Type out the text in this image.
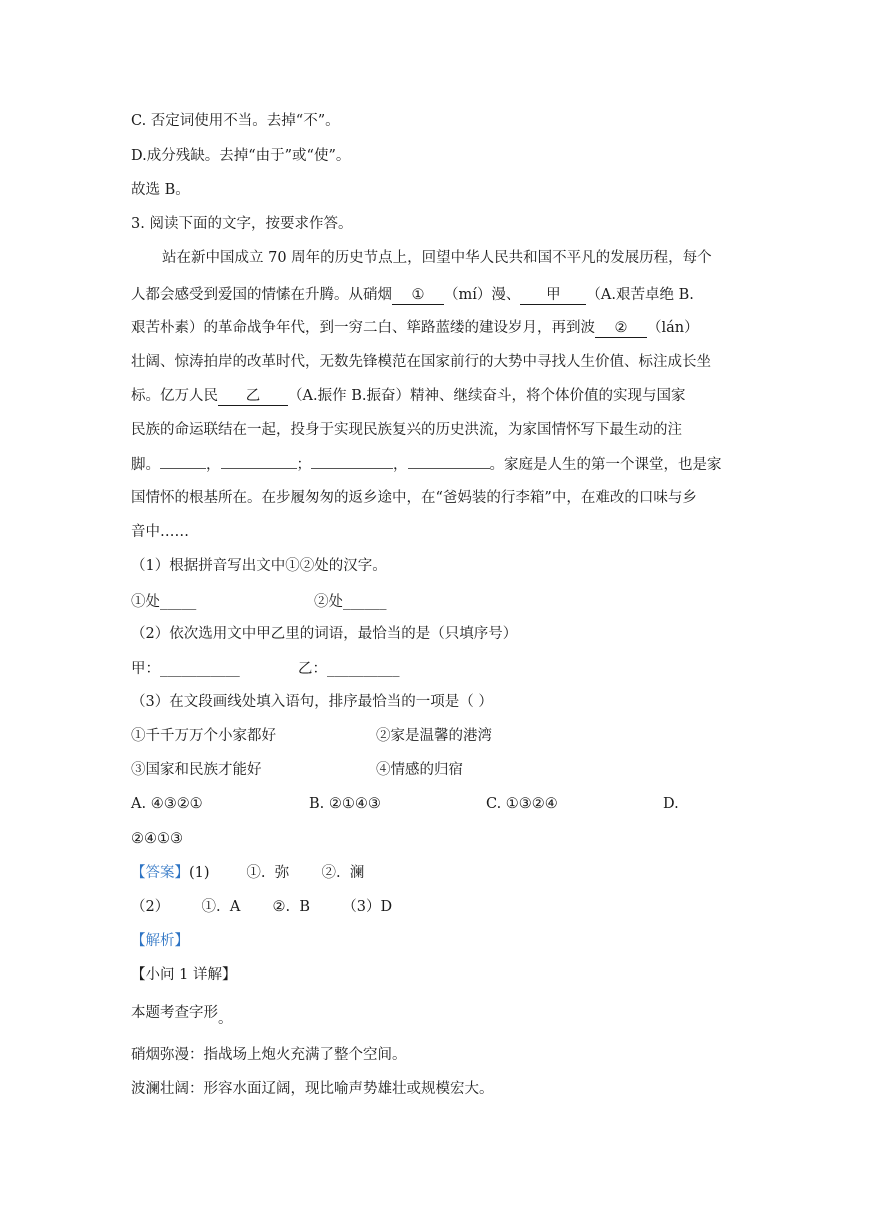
C. 否定词使用不当。去掉“不”。
D.成分残缺。去掉“由于”或“使”。
故选 B。
3. 阅读下面的文字，按要求作答。
站在新中国成立 70 周年的历史节点上，回望中华人民共和国不平凡的发展历程，每个
人都会感受到爱国的情愫在升腾。从硝烟 ① （mí）漫、 甲 （A.艰苦卓绝 B.
艰苦朴素）的革命战争年代，到一穷二白、筚路蓝缕的建设岁月，再到波 ② （lán）
壮阔、惊涛拍岸的改革时代，无数先锋模范在国家前行的大势中寻找人生价值、标注成长坐
标。亿万人民 乙 （A.振作 B.振奋）精神、继续奋斗，将个体价值的实现与国家
民族的命运联结在一起，投身于实现民族复兴的历史洪流，为家国情怀写下最生动的注
脚。	，	；	，	。家庭是人生的第一个课堂，也是家
国情怀的根基所在。在步履匆匆的返乡途中，在“爸妈装的行李箱”中，在难改的口味与乡
音中……
（1）根据拼音写出文中①②处的汉字。
①处_____	②处______
（2）依次选用文中甲乙里的词语，最恰当的是（只填序号）
甲：___________	乙：__________
（3）在文段画线处填入语句，排序最恰当的一项是（ ）
①千千万万个小家都好	②家是温馨的港湾
③国家和民族才能好	④情感的归宿
A. ④③②①	B. ②①④③	C. ①③②④	D.
②④①③
【答案】(1)        ①.  弥       ②.  澜
（2）       ①.  A       ②.  B       （3）D
【解析】
【小问 1 详解】
本题考查字形。
硝烟弥漫：指战场上炮火充满了整个空间。
波澜壮阔：形容水面辽阔，现比喻声势雄壮或规模宏大。
